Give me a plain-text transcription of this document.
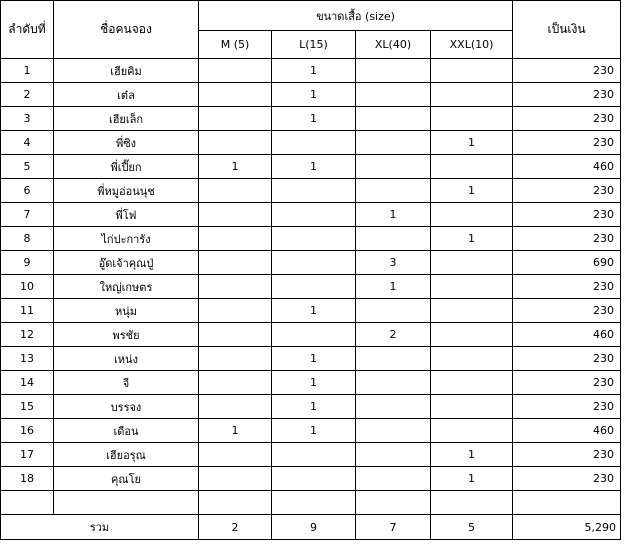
ลำดับที่	ชื่อคนจอง	ขนาดเสื้อ (size)				เป็นเงิน
		M (5)	L(15)	XL(40)	XXL(10)	
1	เฮียคิม		1			230
2	เต๋ล		1			230
3	เฮียเล็ก		1			230
4	พี่ซิง				1	230
5	พี่เปี๊ยก	1	1			460
6	พี่หมูอ่อนนุช				1	230
7	พี่โฟ			1		230
8	ไก่ปะการัง				1	230
9	อู๊ดเจ้าคุณปู่			3		690
10	ใหญ่เกษตร			1		230
11	หนุ่ม		1			230
12	พรชัย			2		460
13	เหน่ง		1			230
14	จี		1			230
15	บรรจง		1			230
16	เดือน	1	1			460
17	เฮียอรุณ				1	230
18	คุณโย				1	230

รวม		2	9	7	5	5,290
